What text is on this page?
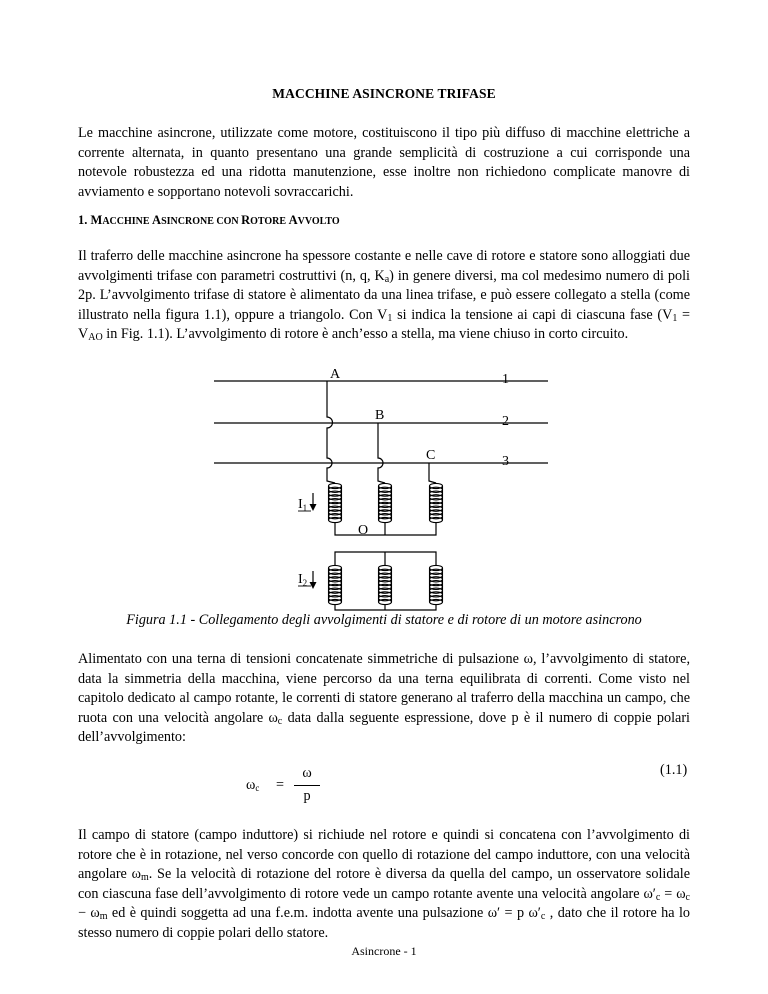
MACCHINE ASINCRONE TRIFASE

Le macchine asincrone, utilizzate come motore, costituiscono il tipo più diffuso di macchine elettriche a corrente alternata, in quanto presentano una grande semplicità di costruzione a cui corrisponde una notevole robustezza ed una ridotta manutenzione, esse inoltre non richiedono complicate manovre di avviamento e sopportano notevoli sovraccarichi.

1. MACCHINE ASINCRONE CON ROTORE AVVOLTO

Il traferro delle macchine asincrone ha spessore costante e nelle cave di rotore e statore sono alloggiati due avvolgimenti trifase con parametri costruttivi (n, q, $K_a$) in genere diversi, ma col medesimo numero di poli 2p. L’avvolgimento trifase di statore è alimentato da una linea trifase, e può essere collegato a stella (come illustrato nella figura 1.1), oppure a triangolo. Con $V_1$ si indica la tensione ai capi di ciascuna fase ($V_1 = V_{AO}$ in Fig. 1.1). L’avvolgimento di rotore è anch’esso a stella, ma viene chiuso in corto circuito.

A
B
C
1
2
3
O
$I_1$
$I_2$
Figura 1.1 - Collegamento degli avvolgimenti di statore e di rotore di un motore asincrono

Alimentato con una terna di tensioni concatenate simmetriche di pulsazione ω, l’avvolgimento di statore, data la simmetria della macchina, viene percorso da una terna equilibrata di correnti. Come visto nel capitolo dedicato al campo rotante, le correnti di statore generano al traferro della macchina un campo, che ruota con una velocità angolare $\omega_c$ data dalla seguente espressione, dove p è il numero di coppie polari dell’avvolgimento:

$\omega_c$ =
ω
p
(1.1)

Il campo di statore (campo induttore) si richiude nel rotore e quindi si concatena con l’avvolgimento di rotore che è in rotazione, nel verso concorde con quello di rotazione del campo induttore, con una velocità angolare $\omega_m$. Se la velocità di rotazione del rotore è diversa da quella del campo, un osservatore solidale con ciascuna fase dell’avvolgimento di rotore vede un campo rotante avente una velocità angolare $\omega'_c = \omega_c - \omega_m$ ed è quindi soggetta ad una f.e.m. indotta avente una pulsazione ω′ = p $\omega'_c$ , dato che il rotore ha lo stesso numero di coppie polari dello statore.

Asincrone - 1
